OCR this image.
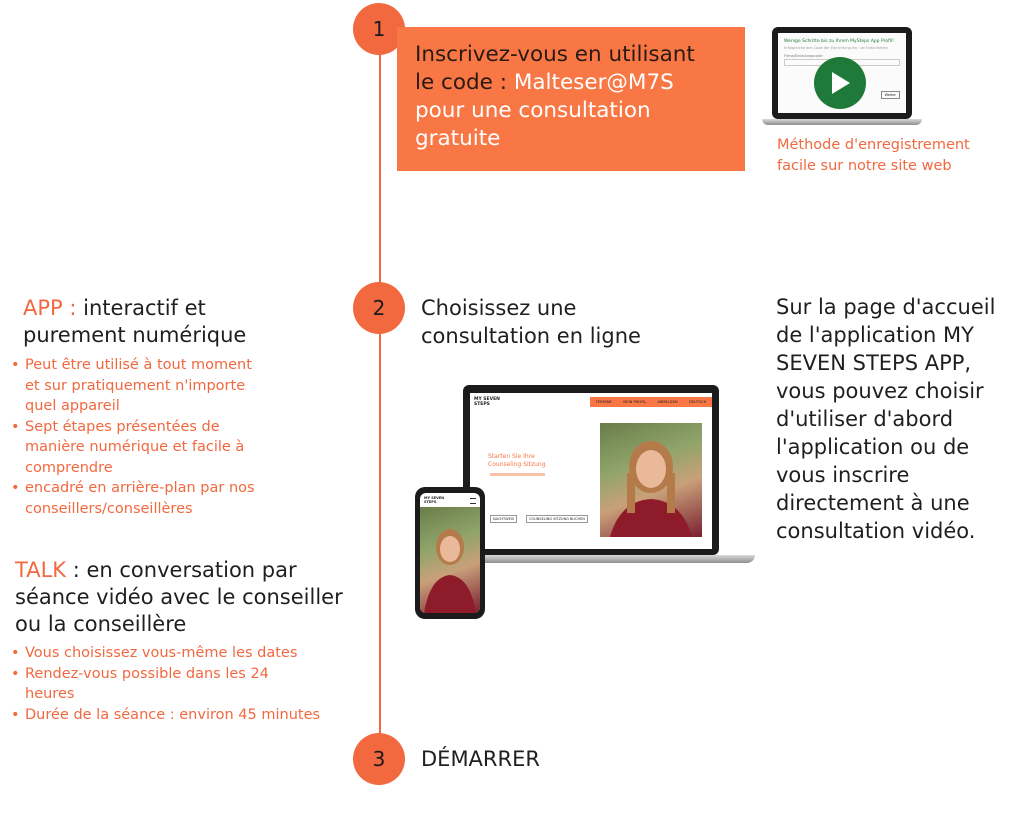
1
Inscrivez-vous en utilisant
le code : Malteser@M7S
pour une consultation
gratuite
Wenige Schritte bis zu Ihrem MySteps App Profil!
Erfolgreiche den Code der Einrichtung ein, um fortzufahren
Firma/Einladungscode
Weiter
Méthode d'enregistrement
facile sur notre site web
APP : interactif et
purement numérique
• Peut être utilisé à tout moment et sur pratiquement n'importe quel appareil
• Sept étapes présentées de manière numérique et facile à comprendre
• encadré en arrière-plan par nos conseillers/conseillères
TALK : en conversation par
séance vidéo avec le conseiller
ou la conseillère
• Vous choisissez vous-même les dates
• Rendez-vous possible dans les 24 heures
• Durée de la séance : environ 45 minutes
2 Choisissez une
consultation en ligne
Sur la page d'accueil
de l'application MY
SEVEN STEPS APP,
vous pouvez choisir
d'utiliser d'abord
l'application ou de
vous inscrire
directement à une
consultation vidéo.
MY SEVEN STEPS	TERMINE	MEIN PROFIL	ABMELDEN	DEUTSCH
Starten Sie Ihre Counseling Sitzung
NACHTWEIS	COUNSELING SITZUNG BUCHEN
MY SEVEN STEPS
3 DÉMARRER
